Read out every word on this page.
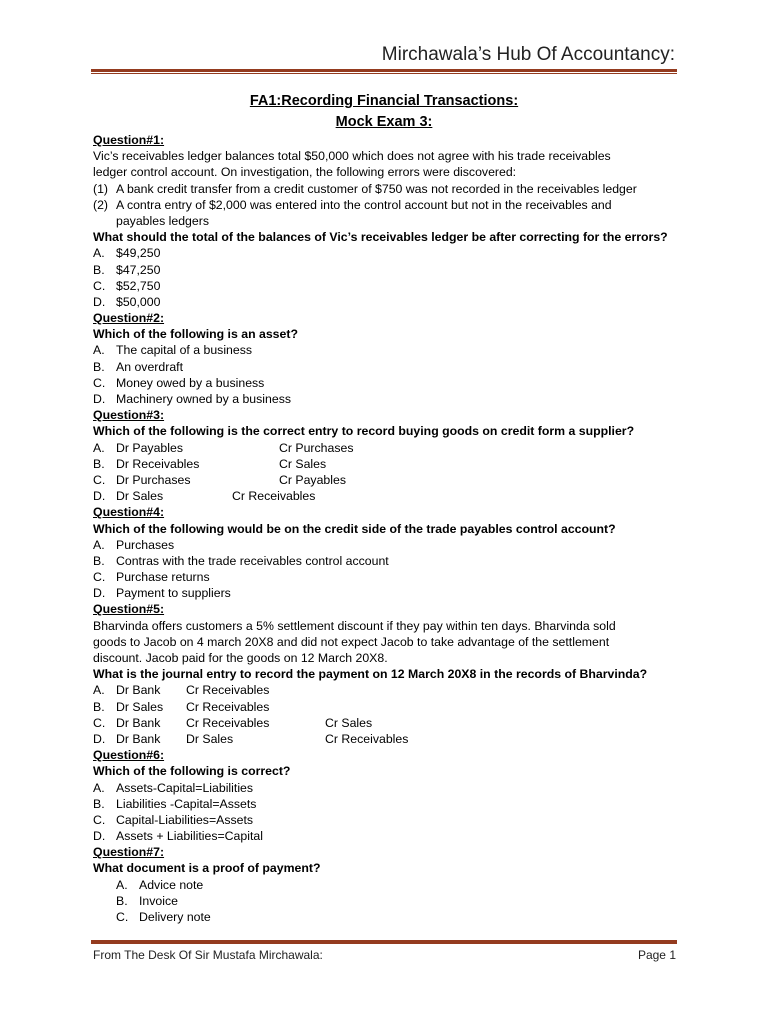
Mirchawala’s Hub Of Accountancy:
FA1:Recording Financial Transactions:
Mock Exam 3:
Question#1:
Vic’s receivables ledger balances total $50,000 which does not agree with his trade receivables
ledger control account. On investigation, the following errors were discovered:
(1) A bank credit transfer from a credit customer of $750 was not recorded in the receivables ledger
(2) A contra entry of $2,000 was entered into the control account but not in the receivables and
payables ledgers
What should the total of the balances of Vic’s receivables ledger be after correcting for the errors?
A. $49,250
B. $47,250
C. $52,750
D. $50,000
Question#2:
Which of the following is an asset?
A. The capital of a business
B. An overdraft
C. Money owed by a business
D. Machinery owned by a business
Question#3:
Which of the following is the correct entry to record buying goods on credit form a supplier?
A. Dr Payables	Cr Purchases
B. Dr Receivables	Cr Sales
C. Dr Purchases	Cr Payables
D. Dr Sales	Cr Receivables
Question#4:
Which of the following would be on the credit side of the trade payables control account?
A. Purchases
B. Contras with the trade receivables control account
C. Purchase returns
D. Payment to suppliers
Question#5:
Bharvinda offers customers a 5% settlement discount if they pay within ten days. Bharvinda sold
goods to Jacob on 4 march 20X8 and did not expect Jacob to take advantage of the settlement
discount. Jacob paid for the goods on 12 March 20X8.
What is the journal entry to record the payment on 12 March 20X8 in the records of Bharvinda?
A. Dr Bank Cr Receivables
B. Dr Sales Cr Receivables
C. Dr Bank Cr Receivables	Cr Sales
D. Dr Bank Dr Sales	Cr Receivables
Question#6:
Which of the following is correct?
A. Assets-Capital=Liabilities
B. Liabilities -Capital=Assets
C. Capital-Liabilities=Assets
D. Assets + Liabilities=Capital
Question#7:
What document is a proof of payment?
A. Advice note
B. Invoice
C. Delivery note
From The Desk Of Sir Mustafa Mirchawala:	Page 1
